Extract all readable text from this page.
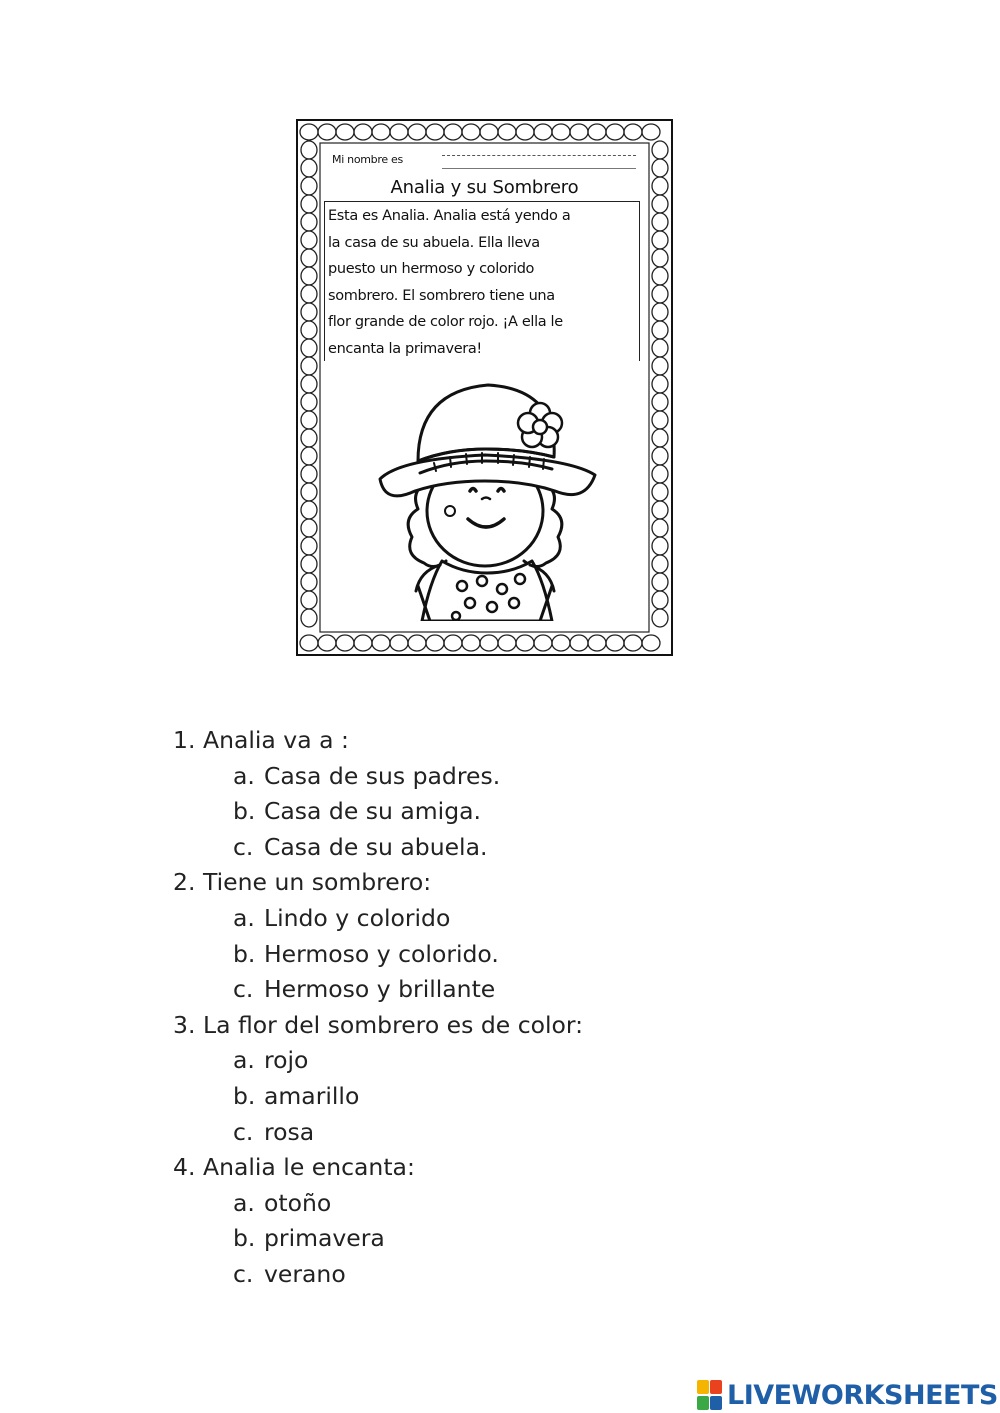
Mi nombre es
Analia y su Sombrero
Esta es Analia. Analia está yendo a
la casa de su abuela. Ella lleva
puesto un hermoso y colorido
sombrero. El sombrero tiene una
flor grande de color rojo. ¡A ella le
encanta la primavera!
1. Analia va a :
a. Casa de sus padres.
b. Casa de su amiga.
c. Casa de su abuela.
2. Tiene un sombrero:
a. Lindo y colorido
b. Hermoso y colorido.
c. Hermoso y brillante
3. La flor del sombrero es de color:
a. rojo
b. amarillo
c. rosa
4. Analia le encanta:
a. otoño
b. primavera
c. verano
LIVEWORKSHEETS
